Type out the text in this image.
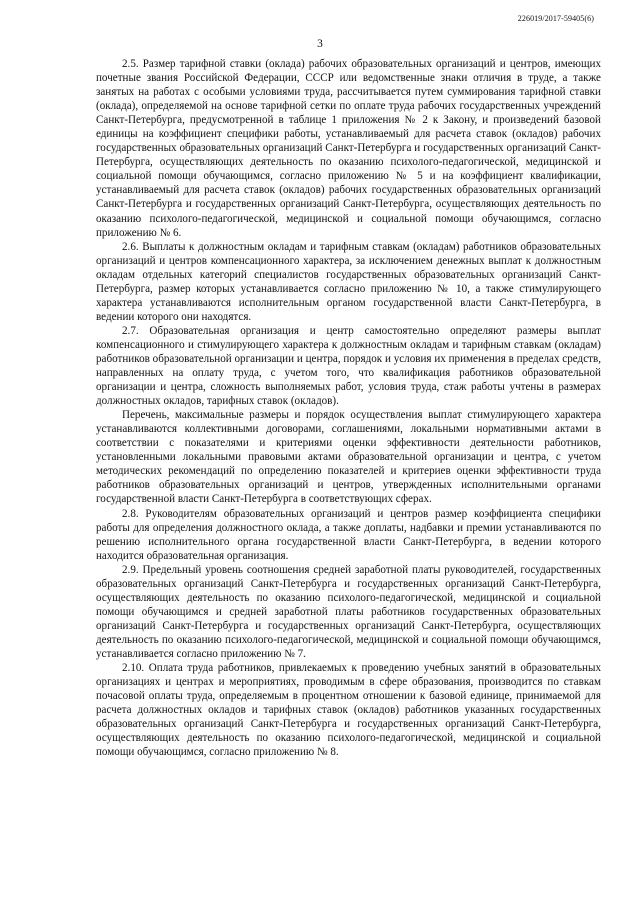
226019/2017-59405(6)
3

2.5. Размер тарифной ставки (оклада) рабочих образовательных организаций и центров, имеющих почетные звания Российской Федерации, СССР или ведомственные знаки отличия в труде, а также занятых на работах с особыми условиями труда, рассчитывается путем суммирования тарифной ставки (оклада), определяемой на основе тарифной сетки по оплате труда рабочих государственных учреждений Санкт-Петербурга, предусмотренной в таблице 1 приложения № 2 к Закону, и произведений базовой единицы на коэффициент специфики работы, устанавливаемый для расчета ставок (окладов) рабочих государственных образовательных организаций Санкт-Петербурга и государственных организаций Санкт-Петербурга, осуществляющих деятельность по оказанию психолого-педагогической, медицинской и социальной помощи обучающимся, согласно приложению № 5 и на коэффициент квалификации, устанавливаемый для расчета ставок (окладов) рабочих государственных образовательных организаций Санкт-Петербурга и государственных организаций Санкт-Петербурга, осуществляющих деятельность по оказанию психолого-педагогической, медицинской и социальной помощи обучающимся, согласно приложению № 6.

2.6. Выплаты к должностным окладам и тарифным ставкам (окладам) работников образовательных организаций и центров компенсационного характера, за исключением денежных выплат к должностным окладам отдельных категорий специалистов государственных образовательных организаций Санкт-Петербурга, размер которых устанавливается согласно приложению № 10, а также стимулирующего характера устанавливаются исполнительным органом государственной власти Санкт-Петербурга, в ведении которого они находятся.

2.7. Образовательная организация и центр самостоятельно определяют размеры выплат компенсационного и стимулирующего характера к должностным окладам и тарифным ставкам (окладам) работников образовательной организации и центра, порядок и условия их применения в пределах средств, направленных на оплату труда, с учетом того, что квалификация работников образовательной организации и центра, сложность выполняемых работ, условия труда, стаж работы учтены в размерах должностных окладов, тарифных ставок (окладов).

Перечень, максимальные размеры и порядок осуществления выплат стимулирующего характера устанавливаются коллективными договорами, соглашениями, локальными нормативными актами в соответствии с показателями и критериями оценки эффективности деятельности работников, установленными локальными правовыми актами образовательной организации и центра, с учетом методических рекомендаций по определению показателей и критериев оценки эффективности труда работников образовательных организаций и центров, утвержденных исполнительными органами государственной власти Санкт-Петербурга в соответствующих сферах.

2.8. Руководителям образовательных организаций и центров размер коэффициента специфики работы для определения должностного оклада, а также доплаты, надбавки и премии устанавливаются по решению исполнительного органа государственной власти Санкт-Петербурга, в ведении которого находится образовательная организация.

2.9. Предельный уровень соотношения средней заработной платы руководителей, государственных образовательных организаций Санкт-Петербурга и государственных организаций Санкт-Петербурга, осуществляющих деятельность по оказанию психолого-педагогической, медицинской и социальной помощи обучающимся и средней заработной платы работников государственных образовательных организаций Санкт-Петербурга и государственных организаций Санкт-Петербурга, осуществляющих деятельность по оказанию психолого-педагогической, медицинской и социальной помощи обучающимся, устанавливается согласно приложению № 7.

2.10. Оплата труда работников, привлекаемых к проведению учебных занятий в образовательных организациях и центрах и мероприятиях, проводимым в сфере образования, производится по ставкам почасовой оплаты труда, определяемым в процентном отношении к базовой единице, принимаемой для расчета должностных окладов и тарифных ставок (окладов) работников указанных государственных образовательных организаций Санкт-Петербурга и государственных организаций Санкт-Петербурга, осуществляющих деятельность по оказанию психолого-педагогической, медицинской и социальной помощи обучающимся, согласно приложению № 8.
